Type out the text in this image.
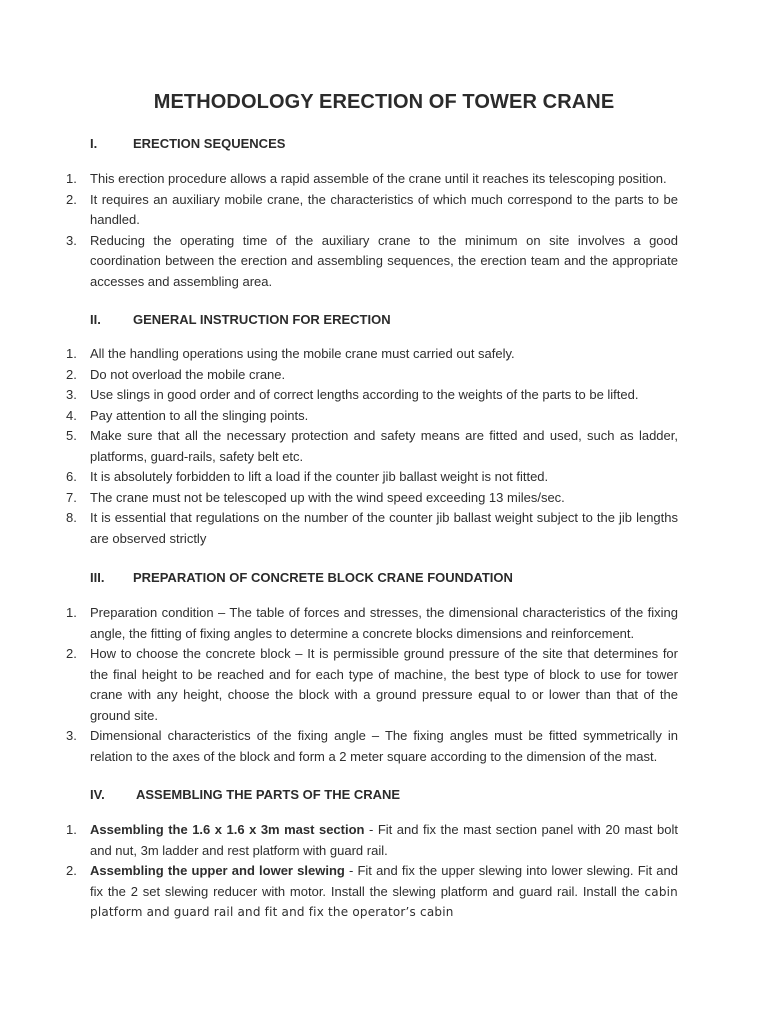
METHODOLOGY ERECTION OF TOWER CRANE
I.	ERECTION SEQUENCES
1. This erection procedure allows a rapid assemble of the crane until it reaches its telescoping position.
2. It requires an auxiliary mobile crane, the characteristics of which much correspond to the parts to be handled.
3. Reducing the operating time of the auxiliary crane to the minimum on site involves a good coordination between the erection and assembling sequences, the erection team and the appropriate accesses and assembling area.
II. GENERAL INSTRUCTION FOR ERECTION
1. All the handling operations using the mobile crane must carried out safely.
2. Do not overload the mobile crane.
3. Use slings in good order and of correct lengths according to the weights of the parts to be lifted.
4. Pay attention to all the slinging points.
5. Make sure that all the necessary protection and safety means are fitted and used, such as ladder, platforms, guard-rails, safety belt etc.
6. It is absolutely forbidden to lift a load if the counter jib ballast weight is not fitted.
7. The crane must not be telescoped up with the wind speed exceeding 13 miles/sec.
8. It is essential that regulations on the number of the counter jib ballast weight subject to the jib lengths are observed strictly
III. PREPARATION OF CONCRETE BLOCK CRANE FOUNDATION
1. Preparation condition – The table of forces and stresses, the dimensional characteristics of the fixing angle, the fitting of fixing angles to determine a concrete blocks dimensions and reinforcement.
2. How to choose the concrete block – It is permissible ground pressure of the site that determines for the final height to be reached and for each type of machine, the best type of block to use for tower crane with any height, choose the block with a ground pressure equal to or lower than that of the ground site.
3. Dimensional characteristics of the fixing angle – The fixing angles must be fitted symmetrically in relation to the axes of the block and form a 2 meter square according to the dimension of the mast.
IV. ASSEMBLING THE PARTS OF THE CRANE
1. Assembling the 1.6 x 1.6 x 3m mast section - Fit and fix the mast section panel with 20 mast bolt and nut, 3m ladder and rest platform with guard rail.
2. Assembling the upper and lower slewing - Fit and fix the upper slewing into lower slewing. Fit and fix the 2 set slewing reducer with motor. Install the slewing platform and guard rail. Install the cabin platform and guard rail and fit and fix the operator’s cabin
